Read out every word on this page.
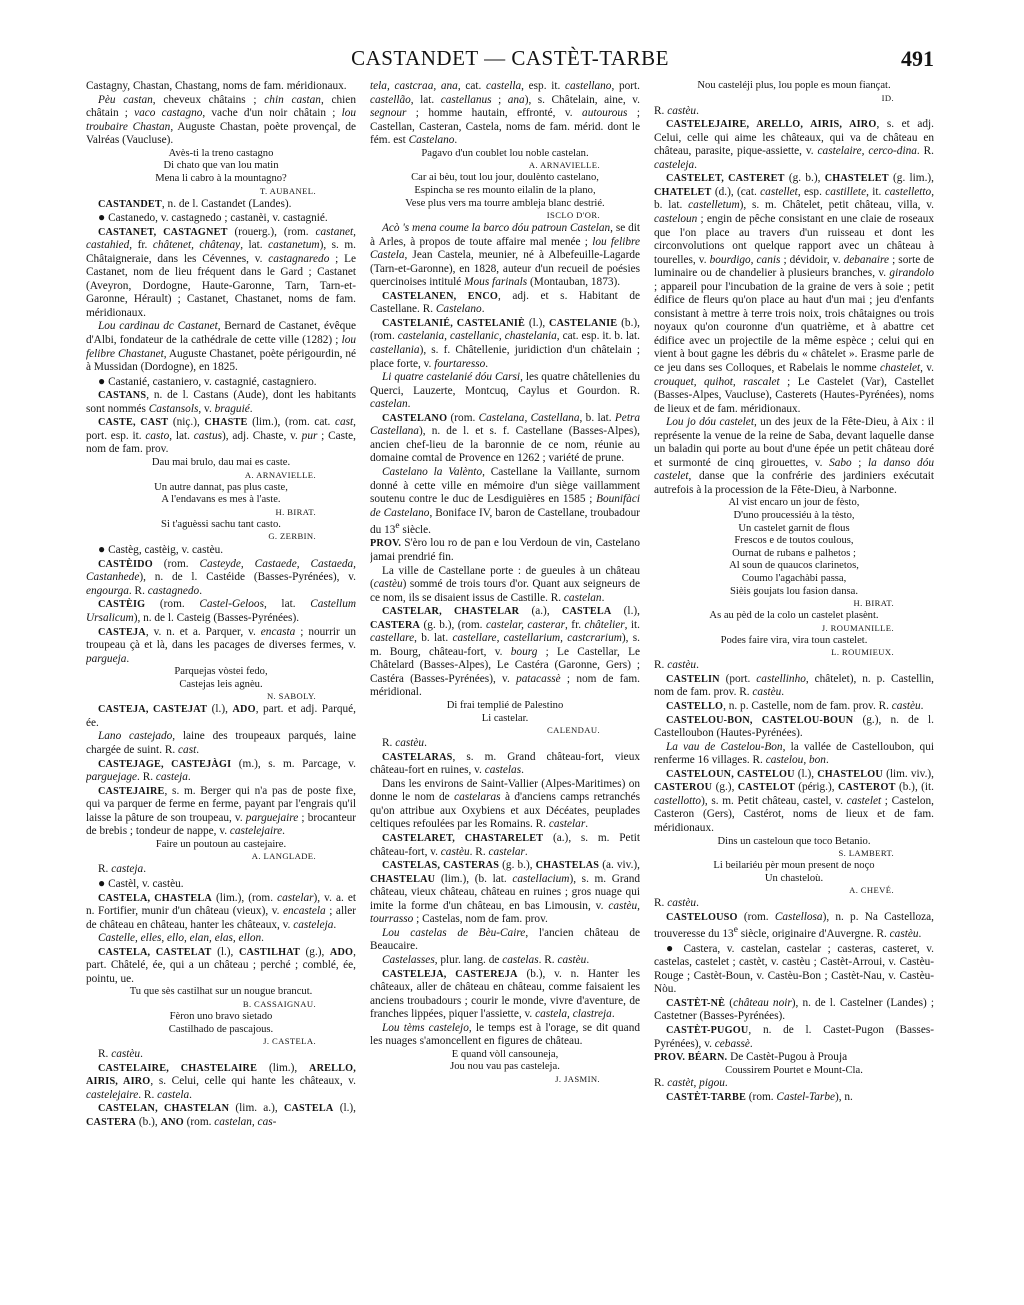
CASTANDET — CASTÈT-TARBE	491

Castagny, Chastan, Chastang, noms de fam. méridionaux.

Pèu castan, cheveux châtains ; chin castan, chien châtain ; vaco castagno, vache d'un noir châtain ; lou troubaire Chastan, Auguste Chastan, poète provençal, de Valréas (Vaucluse).

Avès-ti la treno castagno

Di chato que van lou matin

Mena li cabro à la mountagno?

T. AUBANEL.

CASTANDET, n. de l. Castandet (Landes).

● Castanedo, v. castagnedo ; castanèi, v. castagnié.

CASTANET, CASTAGNET (rouerg.), (rom. castanet, castahied, fr. châtenet, châtenay, lat. castanetum), s. m. Châtaigneraie, dans les Cévennes, v. castagnaredo ; Le Castanet, nom de lieu fréquent dans le Gard ; Castanet (Aveyron, Dordogne, Haute-Garonne, Tarn, Tarn-et-Garonne, Hérault) ; Castanet, Chastanet, noms de fam. méridionaux.

Lou cardinau dc Castanet, Bernard de Castanet, évêque d'Albi, fondateur de la cathédrale de cette ville (1282) ; lou felibre Chastanet, Auguste Chastanet, poète périgourdin, né à Mussidan (Dordogne), en 1825.

● Castanié, castaniero, v. castagnié, castagniero.

CASTANS, n. de l. Castans (Aude), dont les habitants sont nommés Castansols, v. braguié.

CASTE, CAST (niç.), CHASTE (lim.), (rom. cat. cast, port. esp. it. casto, lat. castus), adj. Chaste, v. pur ; Caste, nom de fam. prov.

Dau mai brulo, dau mai es caste.

A. ARNAVIELLE.

Un autre dannat, pas plus caste,

A l'endavans es mes à l'aste.

H. BIRAT.

Si t'aguèssi sachu tant casto.

G. ZERBIN.

● Castèg, castèig, v. castèu.

CASTÈIDO (rom. Casteyde, Castaede, Castaeda, Castanhede), n. de l. Castéide (Basses-Pyrénées), v. engourga. R. castagnedo.

CASTÈIG (rom. Castel-Geloos, lat. Castellum Ursalicum), n. de l. Casteig (Basses-Pyrénées).

CASTEJA, v. n. et a. Parquer, v. encasta ; nourrir un troupeau çà et là, dans les pacages de diverses fermes, v. pargueja.

Parquejas vòstei fedo,

Castejas leis agnèu.

N. SABOLY.

CASTEJA, CASTEJAT (l.), ADO, part. et adj. Parqué, ée.

Lano castejado, laine des troupeaux parqués, laine chargée de suint. R. cast.

CASTEJAGE, CASTEJÀGI (m.), s. m. Parcage, v. parguejage. R. casteja.

CASTEJAIRE, s. m. Berger qui n'a pas de poste fixe, qui va parquer de ferme en ferme, payant par l'engrais qu'il laisse la pâture de son troupeau, v. parguejaire ; brocanteur de brebis ; tondeur de nappe, v. castelejaire.

Faire un poutoun au castejaire.

A. LANGLADE.

R. casteja.

● Castèl, v. castèu.

CASTELA, CHASTELA (lim.), (rom. castelar), v. a. et n. Fortifier, munir d'un château (vieux), v. encastela ; aller de château en château, hanter les châteaux, v. casteleja.

Castelle, elles, ello, elan, elas, ellon.

CASTELA, CASTELAT (l.), CASTILHAT (g.), ADO, part. Châtelé, ée, qui a un château ; perché ; comblé, ée, pointu, ue.

Tu que sès castilhat sur un nougue brancut.

B. CASSAIGNAU.

Fèron uno bravo sietado

Castilhado de pascajous.

J. CASTELA.

R. castèu.

CASTELAIRE, CHASTELAIRE (lim.), ARELLO, AIRIS, AIRO, s. Celui, celle qui hante les châteaux, v. castelejaire. R. castela.

CASTELAN, CHASTELAN (lim. a.), CASTELA (l.), CASTERA (b.), ANO (rom. castelan, cas-

tela, castcraa, ana, cat. castella, esp. it. castellano, port. castellão, lat. castellanus ; ana), s. Châtelain, aine, v. segnour ; homme hautain, effronté, v. autourous ; Castellan, Casteran, Castela, noms de fam. mérid. dont le fém. est Castelano.

Pagavo d'un coublet lou noble castelan.

A. ARNAVIELLE.

Car ai bèu, tout lou jour, doulènto castelano,

Espincha se res mounto eilalin de la plano,

Vese plus vers ma tourre ambleja blanc destrié.

ISCLO D'OR.

Acò 's mena coume la barco dóu patroun Castelan, se dit à Arles, à propos de toute affaire mal menée ; lou felibre Castela, Jean Castela, meunier, né à Albefeuille-Lagarde (Tarn-et-Garonne), en 1828, auteur d'un recueil de poésies quercinoises intitulé Mous farinals (Montauban, 1873).

CASTELANEN, ENCO, adj. et s. Habitant de Castellane. R. Castelano.

CASTELANIÉ, CASTELANIÈ (l.), CASTELANIE (b.), (rom. castelania, castellanic, chastelania, cat. esp. it. b. lat. castellania), s. f. Châtellenie, juridiction d'un châtelain ; place forte, v. fourtaresso.

Li quatre castelanié dóu Carsi, les quatre châtellenies du Querci, Lauzerte, Montcuq, Caylus et Gourdon. R. castelan.

CASTELANO (rom. Castelana, Castellana, b. lat. Petra Castellana), n. de l. et s. f. Castellane (Basses-Alpes), ancien chef-lieu de la baronnie de ce nom, réunie au domaine comtal de Provence en 1262 ; variété de prune.

Castelano la Valènto, Castellane la Vaillante, surnom donné à cette ville en mémoire d'un siège vaillamment soutenu contre le duc de Lesdiguières en 1585 ; Bounifàci de Castelano, Boniface IV, baron de Castellane, troubadour du 13e siècle.

PROV. S'èro lou ro de pan e lou Verdoun de vin, Castelano jamai prendrié fin.

La ville de Castellane porte : de gueules à un château (castèu) sommé de trois tours d'or. Quant aux seigneurs de ce nom, ils se disaient issus de Castille. R. castelan.

CASTELAR, CHASTELAR (a.), CASTELA (l.), CASTERA (g. b.), (rom. castelar, casterar, fr. châtelier, it. castellare, b. lat. castellare, castellarium, castcrarium), s. m. Bourg, château-fort, v. bourg ; Le Castellar, Le Châtelard (Basses-Alpes), Le Castéra (Garonne, Gers) ; Castéra (Basses-Pyrénées), v. patacassè ; nom de fam. méridional.

Di frai templié de Palestino

Li castelar.

CALENDAU.

R. castèu.

CASTELARAS, s. m. Grand château-fort, vieux château-fort en ruines, v. castelas.

Dans les environs de Saint-Vallier (Alpes-Maritimes) on donne le nom de castelaras à d'anciens camps retranchés qu'on attribue aux Oxybiens et aux Décéates, peuplades celtiques refoulées par les Romains. R. castelar.

CASTELARET, CHASTARELET (a.), s. m. Petit château-fort, v. castèu. R. castelar.

CASTELAS, CASTERAS (g. b.), CHASTELAS (a. viv.), CHASTELAU (lim.), (b. lat. castellacium), s. m. Grand château, vieux château, château en ruines ; gros nuage qui imite la forme d'un château, en bas Limousin, v. castèu, tourrasso ; Castelas, nom de fam. prov.

Lou castelas de Bèu-Caire, l'ancien château de Beaucaire.

Castelasses, plur. lang. de castelas. R. castèu.

CASTELEJA, CASTEREJA (b.), v. n. Hanter les châteaux, aller de château en château, comme faisaient les anciens troubadours ; courir le monde, vivre d'aventure, de franches lippées, piquer l'assiette, v. castela, clastreja.

Lou tèms castelejo, le temps est à l'orage, se dit quand les nuages s'amoncellent en figures de château.

E quand vòll cansouneja,

Jou nou vau pas casteleja.

J. JASMIN.

Nou casteléji plus, lou pople es moun fiançat.

ID.

R. castèu.

CASTELEJAIRE, ARELLO, AIRIS, AIRO, s. et adj. Celui, celle qui aime les châteaux, qui va de château en château, parasite, pique-assiette, v. castelaire, cerco-dina. R. casteleja.

CASTELET, CASTERET (g. b.), CHASTELET (g. lim.), CHATELET (d.), (cat. castellet, esp. castillete, it. castelletto, b. lat. castelletum), s. m. Châtelet, petit château, villa, v. casteloun ; engin de pêche consistant en une claie de roseaux que l'on place au travers d'un ruisseau et dont les circonvolutions ont quelque rapport avec un château à tourelles, v. bourdigo, canis ; dévidoir, v. debanaire ; sorte de luminaire ou de chandelier à plusieurs branches, v. girandolo ; appareil pour l'incubation de la graine de vers à soie ; petit édifice de fleurs qu'on place au haut d'un mai ; jeu d'enfants consistant à mettre à terre trois noix, trois châtaignes ou trois noyaux qu'on couronne d'un quatrième, et à abattre cet édifice avec un projectile de la même espèce ; celui qui en vient à bout gagne les débris du « châtelet ». Erasme parle de ce jeu dans ses Colloques, et Rabelais le nomme chastelet, v. crouquet, quihot, rascalet ; Le Castelet (Var), Castellet (Basses-Alpes, Vaucluse), Casterets (Hautes-Pyrénées), noms de lieux et de fam. méridionaux.

Lou jo dóu castelet, un des jeux de la Fête-Dieu, à Aix : il représente la venue de la reine de Saba, devant laquelle danse un baladin qui porte au bout d'une épée un petit château doré et surmonté de cinq girouettes, v. Sabo ; la danso dóu castelet, danse que la confrérie des jardiniers exécutait autrefois à la procession de la Fête-Dieu, à Narbonne.

Al vist encaro un jour de fèsto,

D'uno proucessiéu à la tèsto,

Un castelet garnit de flous

Frescos e de toutos coulous,

Ournat de rubans e palhetos ;

Al soun de quaucos clarinetos,

Coumo l'agachàbi passa,

Sièis goujats lou fasion dansa.

H. BIRAT.

As au pèd de la colo un castelet plasènt.

J. ROUMANILLE.

Podes faire vira, vira toun castelet.

L. ROUMIEUX.

R. castèu.

CASTELIN (port. castellinho, châtelet), n. p. Castellin, nom de fam. prov. R. castèu.

CASTELLO, n. p. Castelle, nom de fam. prov. R. castèu.

CASTELOU-BON, CASTELOU-BOUN (g.), n. de l. Castelloubon (Hautes-Pyrénées).

La vau de Castelou-Bon, la vallée de Castelloubon, qui renferme 16 villages. R. castelou, bon.

CASTELOUN, CASTELOU (l.), CHASTELOU (lim. viv.), CASTEROU (g.), CASTELOT (périg.), CASTEROT (b.), (it. castellotto), s. m. Petit château, castel, v. castelet ; Castelon, Casteron (Gers), Castérot, noms de lieux et de fam. méridionaux.

Dins un casteloun que toco Betanio.

S. LAMBERT.

Li beilariéu pèr moun present de noço

Un chasteloù.

A. CHEVÉ.

R. castèu.

CASTELOUSO (rom. Castellosa), n. p. Na Castelloza, trouveresse du 13e siècle, originaire d'Auvergne. R. castèu.

● Castera, v. castelan, castelar ; casteras, casteret, v. castelas, castelet ; castèt, v. castèu ; Castèt-Arroui, v. Castèu-Rouge ; Castèt-Boun, v. Castèu-Bon ; Castèt-Nau, v. Castèu-Nòu.

CASTÈT-NÈ (château noir), n. de l. Castelner (Landes) ; Castetner (Basses-Pyrénées).

CASTÈT-PUGOU, n. de l. Castet-Pugon (Basses-Pyrénées), v. cebassè.

PROV. BÉARN. De Castèt-Pugou à Prouja

Coussirem Pourtet e Mount-Cla.

R. castèt, pigou.

CASTÈT-TARBE (rom. Castel-Tarbe), n.
